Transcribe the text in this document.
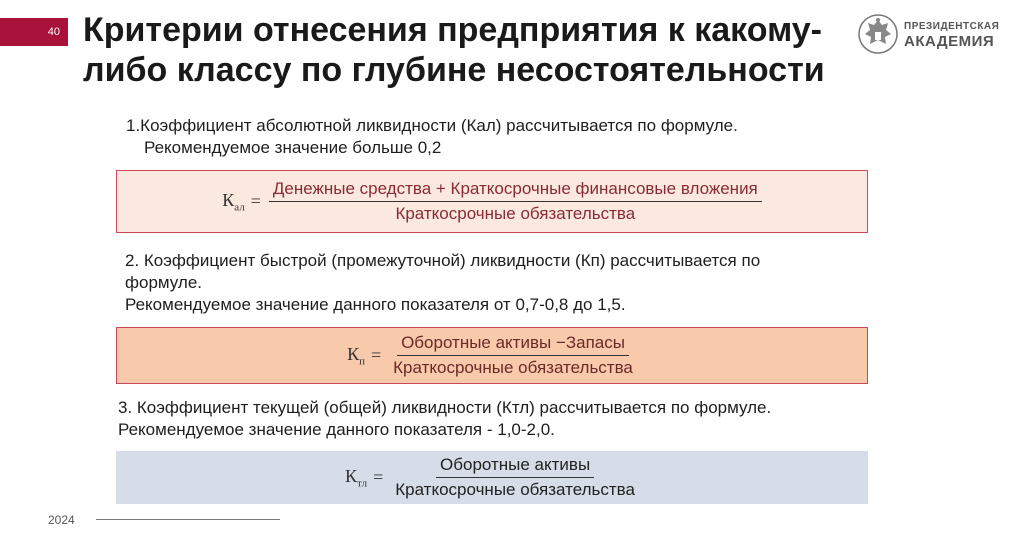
40 Критерии отнесения предприятия к какому-
либо классу по глубине несостоятельности
ПРЕЗИДЕНТСКАЯ
АКАДЕМИЯ
1.Коэффициент абсолютной ликвидности (Кал) рассчитывается по формуле.
Рекомендуемое значение больше 0,2
$К_{ал} = \frac{\text{Денежные средства + Краткосрочные финансовые вложения}}{\text{Краткосрочные обязательства}}$
2. Коэффициент быстрой (промежуточной) ликвидности (Кп) рассчитывается по
формуле.
Рекомендуемое значение данного показателя от 0,7-0,8 до 1,5.
$К_п = \frac{\text{Оборотные активы −Запасы}}{\text{Краткосрочные обязательства}}$
3. Коэффициент текущей (общей) ликвидности (Ктл) рассчитывается по формуле.
Рекомендуемое значение данного показателя - 1,0-2,0.
$К_{тл} = \frac{\text{Оборотные активы}}{\text{Краткосрочные обязательства}}$
2024
